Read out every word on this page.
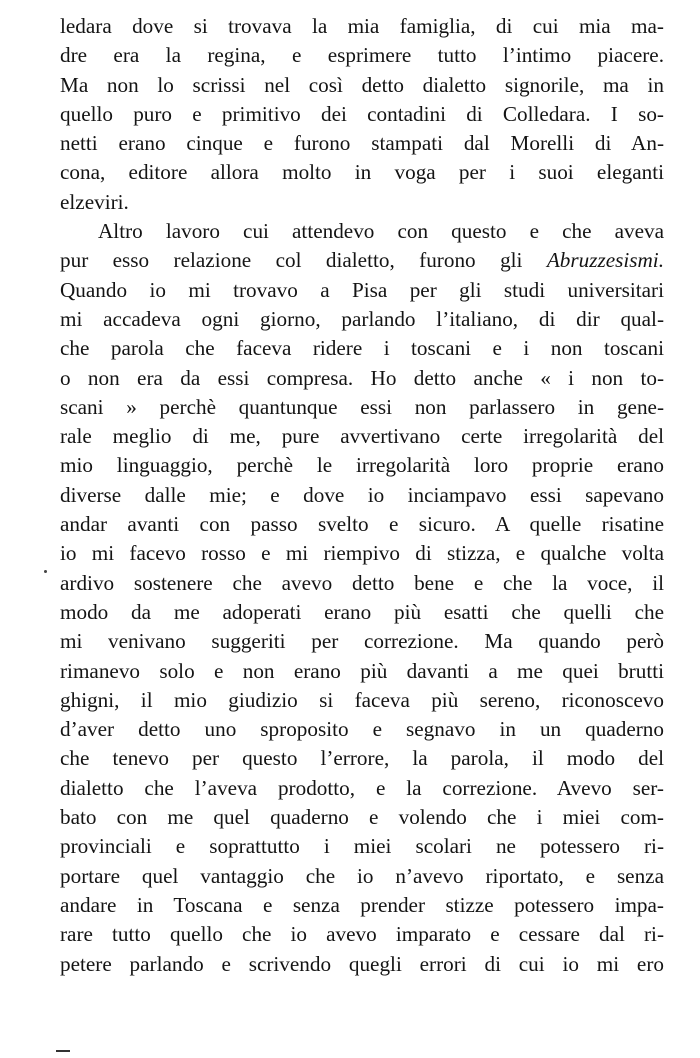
ledara dove si trovava la mia famiglia, di cui mia ma-
dre era la regina, e esprimere tutto l’intimo piacere.
Ma non lo scrissi nel così detto dialetto signorile, ma in
quello puro e primitivo dei contadini di Colledara. I so-
netti erano cinque e furono stampati dal Morelli di An-
cona, editore allora molto in voga per i suoi eleganti
elzeviri.
Altro lavoro cui attendevo con questo e che aveva
pur esso relazione col dialetto, furono gli Abruzzesismi.
Quando io mi trovavo a Pisa per gli studi universitari
mi accadeva ogni giorno, parlando l’italiano, di dir qual-
che parola che faceva ridere i toscani e i non toscani
o non era da essi compresa. Ho detto anche « i non to-
scani » perchè quantunque essi non parlassero in gene-
rale meglio di me, pure avvertivano certe irregolarità del
mio linguaggio, perchè le irregolarità loro proprie erano
diverse dalle mie; e dove io inciampavo essi sapevano
andar avanti con passo svelto e sicuro. A quelle risatine
io mi facevo rosso e mi riempivo di stizza, e qualche volta
ardivo sostenere che avevo detto bene e che la voce, il
modo da me adoperati erano più esatti che quelli che
mi venivano suggeriti per correzione. Ma quando però
rimanevo solo e non erano più davanti a me quei brutti
ghigni, il mio giudizio si faceva più sereno, riconoscevo
d’aver detto uno sproposito e segnavo in un quaderno
che tenevo per questo l’errore, la parola, il modo del
dialetto che l’aveva prodotto, e la correzione. Avevo ser-
bato con me quel quaderno e volendo che i miei com-
provinciali e soprattutto i miei scolari ne potessero ri-
portare quel vantaggio che io n’avevo riportato, e senza
andare in Toscana e senza prender stizze potessero impa-
rare tutto quello che io avevo imparato e cessare dal ri-
petere parlando e scrivendo quegli errori di cui io mi ero
